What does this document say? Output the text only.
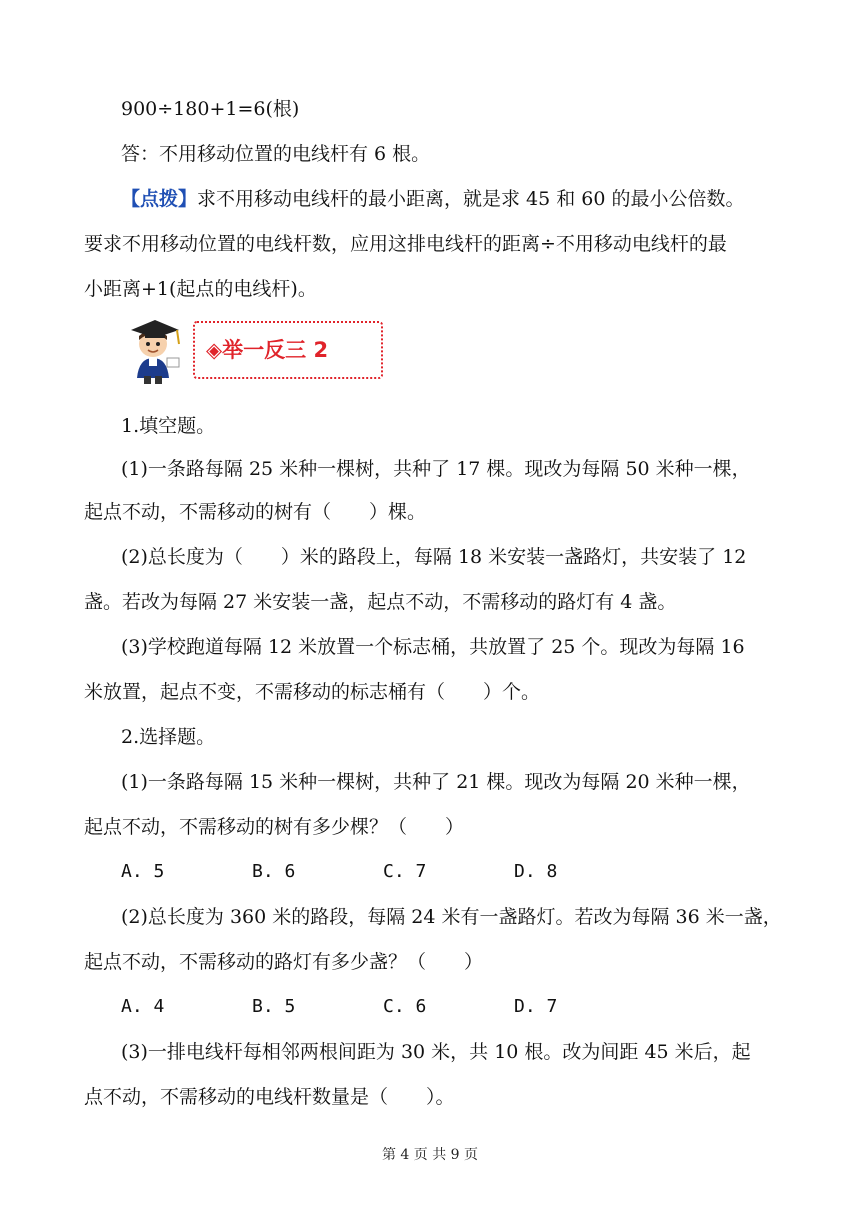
900÷180+1=6(根)
答：不用移动位置的电线杆有 6 根。
【点拨】求不用移动电线杆的最小距离，就是求 45 和 60 的最小公倍数。
要求不用移动位置的电线杆数，应用这排电线杆的距离÷不用移动电线杆的最
小距离+1(起点的电线杆)。
◈举一反三 2
1.填空题。
(1)一条路每隔 25 米种一棵树，共种了 17 棵。现改为每隔 50 米种一棵，
起点不动，不需移动的树有（　　）棵。
(2)总长度为（　　）米的路段上，每隔 18 米安装一盏路灯，共安装了 12
盏。若改为每隔 27 米安装一盏，起点不动，不需移动的路灯有 4 盏。
(3)学校跑道每隔 12 米放置一个标志桶，共放置了 25 个。现改为每隔 16
米放置，起点不变，不需移动的标志桶有（　　）个。
2.选择题。
(1)一条路每隔 15 米种一棵树，共种了 21 棵。现改为每隔 20 米种一棵，
起点不动，不需移动的树有多少棵？（　　）
A. 5	B. 6	C. 7	D. 8
(2)总长度为 360 米的路段，每隔 24 米有一盏路灯。若改为每隔 36 米一盏，
起点不动，不需移动的路灯有多少盏？（　　）
A. 4	B. 5	C. 6	D. 7
(3)一排电线杆每相邻两根间距为 30 米，共 10 根。改为间距 45 米后，起
点不动，不需移动的电线杆数量是（　　）。
第 4 页 共 9 页
